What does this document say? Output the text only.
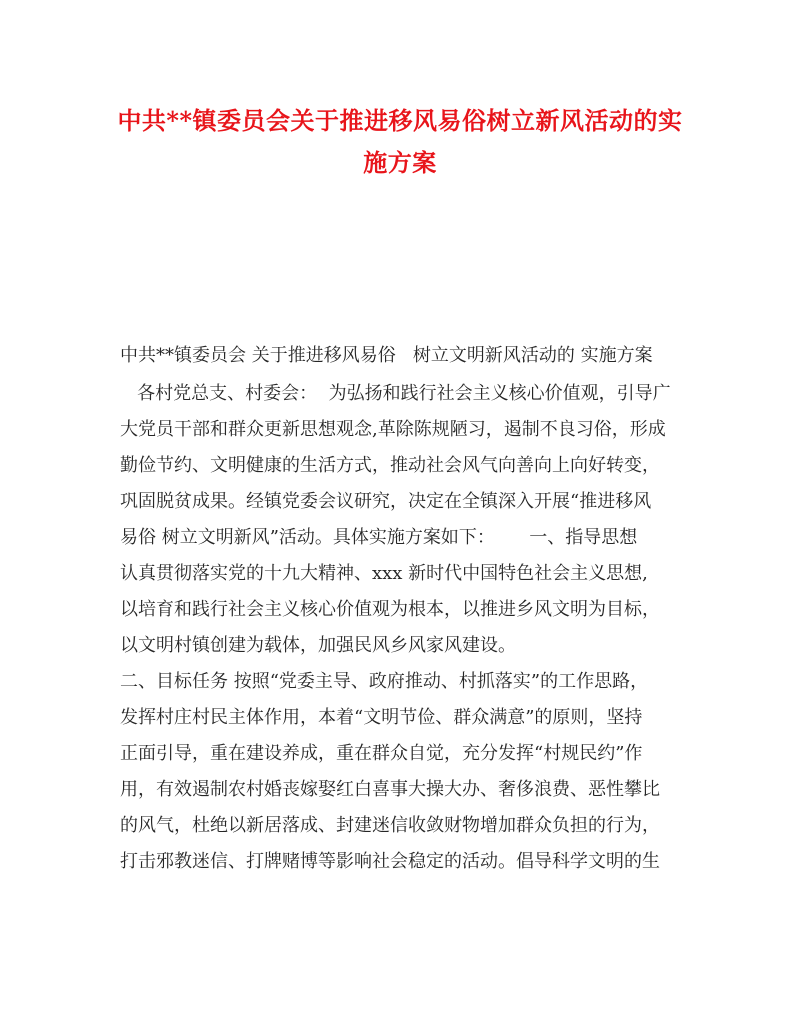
中共**镇委员会关于推进移风易俗树立新风活动的实
施方案
中共**镇委员会 关于推进移风易俗   树立文明新风活动的 实施方案
各村党总支、村委会：  为弘扬和践行社会主义核心价值观，引导广
大党员干部和群众更新思想观念,革除陈规陋习，遏制不良习俗，形成
勤俭节约、文明健康的生活方式，推动社会风气向善向上向好转变，
巩固脱贫成果。经镇党委会议研究，决定在全镇深入开展“推进移风
易俗 树立文明新风”活动。具体实施方案如下：      一、指导思想
认真贯彻落实党的十九大精神、xxx 新时代中国特色社会主义思想,
以培育和践行社会主义核心价值观为根本，以推进乡风文明为目标，
以文明村镇创建为载体，加强民风乡风家风建设。
二、目标任务 按照“党委主导、政府推动、村抓落实”的工作思路，
发挥村庄村民主体作用，本着“文明节俭、群众满意”的原则，坚持
正面引导，重在建设养成，重在群众自觉，充分发挥“村规民约”作
用，有效遏制农村婚丧嫁娶红白喜事大操大办、奢侈浪费、恶性攀比
的风气，杜绝以新居落成、封建迷信收敛财物增加群众负担的行为，
打击邪教迷信、打牌赌博等影响社会稳定的活动。倡导科学文明的生
